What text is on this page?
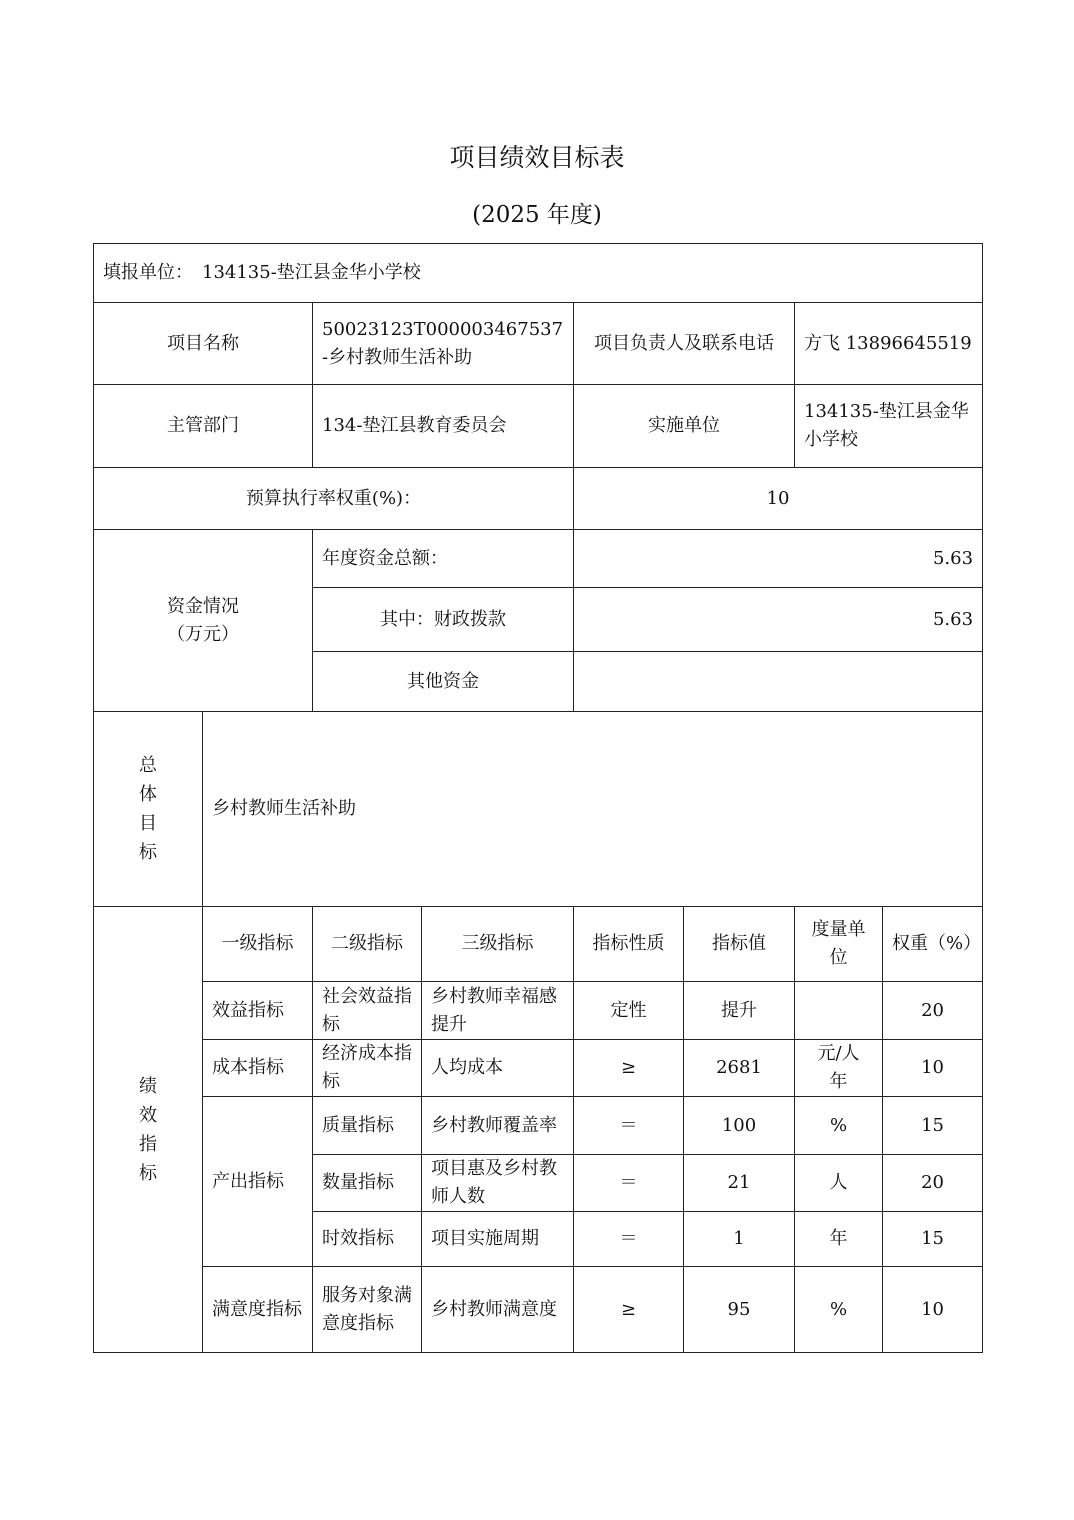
项目绩效目标表
(2025 年度)
填报单位：　134135-垫江县金华小学校							
项目名称		50023123T000003467537-乡村教师生活补助		项目负责人及联系电话		方飞 13896645519	
主管部门		134-垫江县教育委员会		实施单位		134135-垫江县金华小学校	
预算执行率权重(%)：				10			

资金情况
（万元）		年度资金总额：		5.63			
		其中：财政拨款		5.63			
		其他资金					

总体目标	乡村教师生活补助						

绩效指标	一级指标	二级指标	三级指标	指标性质	指标值	度量单位	权重（%）
	效益指标	社会效益指标	乡村教师幸福感提升	定性	提升		20
	成本指标	经济成本指标	人均成本	≥	2681	元/人年	10
	产出指标	质量指标	乡村教师覆盖率	＝	100	%	15
		数量指标	项目惠及乡村教师人数	＝	21	人	20
		时效指标	项目实施周期	＝	1	年	15
	满意度指标	服务对象满意度指标	乡村教师满意度	≥	95	%	10
